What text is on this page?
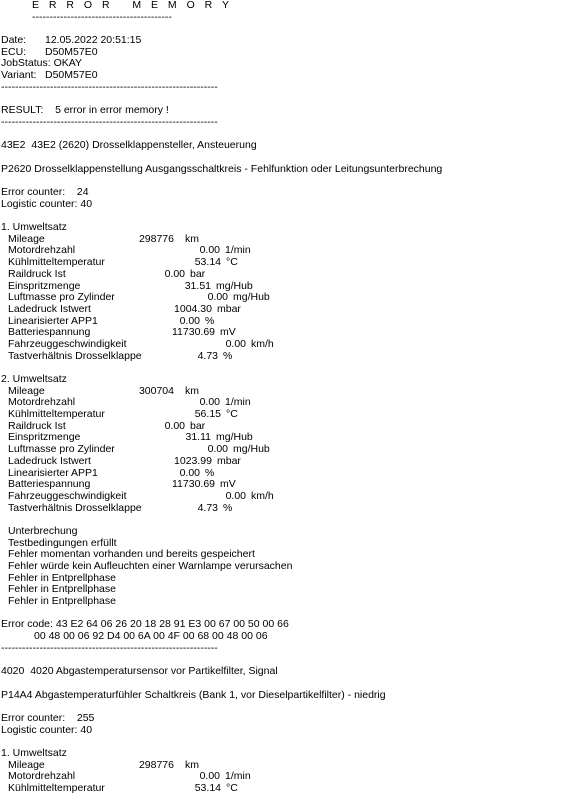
E R R O R   M E M O R Y
----------------------------------------
Date:	12.05.2022 20:51:15
ECU:	D50M57E0
JobStatus: OKAY
Variant: D50M57E0
--------------------------------------------------------------
RESULT:    5 error in error memory !
--------------------------------------------------------------
43E2  43E2 (2620) Drosselklappensteller, Ansteuerung
P2620 Drosselklappenstellung Ausgangsschaltkreis - Fehlfunktion oder Leitungsunterbrechung
Error counter:    24
Logistic counter: 40
1. Umweltsatz
Mileage	298776	km
Motordrehzahl	0.00 1/min
Kühlmitteltemperatur	53.14 °C
Raildruck Ist	0.00 bar
Einspritzmenge	31.51 mg/Hub
Luftmasse pro Zylinder	0.00 mg/Hub
Ladedruck Istwert	1004.30 mbar
Linearisierter APP1	0.00 %
Batteriespannung	11730.69 mV
Fahrzeuggeschwindigkeit	0.00 km/h
Tastverhältnis Drosselklappe	4.73 %
2. Umweltsatz
Mileage	300704	km
Motordrehzahl	0.00 1/min
Kühlmitteltemperatur	56.15 °C
Raildruck Ist	0.00 bar
Einspritzmenge	31.11 mg/Hub
Luftmasse pro Zylinder	0.00 mg/Hub
Ladedruck Istwert	1023.99 mbar
Linearisierter APP1	0.00 %
Batteriespannung	11730.69 mV
Fahrzeuggeschwindigkeit	0.00 km/h
Tastverhältnis Drosselklappe	4.73 %
Unterbrechung
Testbedingungen erfüllt
Fehler momentan vorhanden und bereits gespeichert
Fehler würde kein Aufleuchten einer Warnlampe verursachen
Fehler in Entprellphase
Fehler in Entprellphase
Fehler in Entprellphase
Error code: 43 E2 64 06 26 20 18 28 91 E3 00 67 00 50 00 66
00 48 00 06 92 D4 00 6A 00 4F 00 68 00 48 00 06
--------------------------------------------------------------
4020  4020 Abgastemperatursensor vor Partikelfilter, Signal
P14A4 Abgastemperaturfühler Schaltkreis (Bank 1, vor Dieselpartikelfilter) - niedrig
Error counter:    255
Logistic counter: 40
1. Umweltsatz
Mileage	298776	km
Motordrehzahl	0.00 1/min
Kühlmitteltemperatur	53.14 °C
